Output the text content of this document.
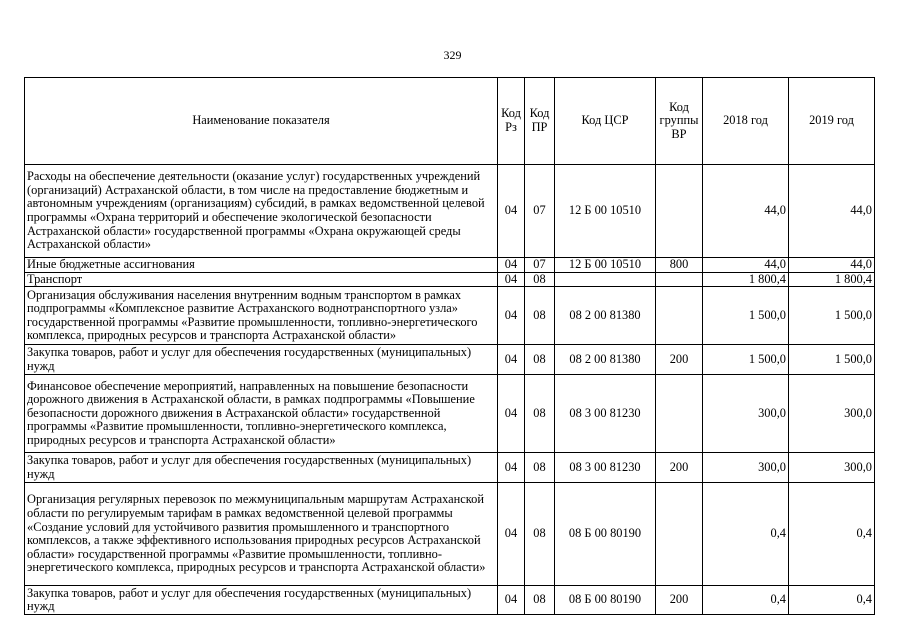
329
Наименование показателя	Код Рз	Код ПР	Код ЦСР	Код группы ВР	2018 год	2019 год
Расходы на обеспечение деятельности (оказание услуг) государственных учреждений (организаций) Астраханской области, в том числе на предоставление бюджетным и автономным учреждениям (организациям) субсидий, в рамках ведомственной целевой программы «Охрана территорий и обеспечение экологической безопасности Астраханской области» государственной программы «Охрана окружающей среды Астраханской области»	04	07	12 Б 00 10510		44,0	44,0
Иные бюджетные ассигнования	04	07	12 Б 00 10510	800	44,0	44,0
Транспорт	04	08			1 800,4	1 800,4
Организация обслуживания населения внутренним водным транспортом в рамках подпрограммы «Комплексное развитие Астраханского воднотранспортного узла» государственной программы «Развитие промышленности, топливно-энергетического комплекса, природных ресурсов и транспорта Астраханской области»	04	08	08 2 00 81380		1 500,0	1 500,0
Закупка товаров, работ и услуг для обеспечения государственных (муниципальных) нужд	04	08	08 2 00 81380	200	1 500,0	1 500,0
Финансовое обеспечение мероприятий, направленных на повышение безопасности дорожного движения в Астраханской области, в рамках подпрограммы «Повышение безопасности дорожного движения в Астраханской области» государственной программы «Развитие промышленности, топливно-энергетического комплекса, природных ресурсов и транспорта Астраханской области»	04	08	08 3 00 81230		300,0	300,0
Закупка товаров, работ и услуг для обеспечения государственных (муниципальных) нужд	04	08	08 3 00 81230	200	300,0	300,0
Организация регулярных перевозок по межмуниципальным маршрутам Астраханской области по регулируемым тарифам в рамках ведомственной целевой программы «Создание условий для устойчивого развития промышленного и транспортного комплексов, а также эффективного использования природных ресурсов Астраханской области» государственной программы «Развитие промышленности, топливно-энергетического комплекса, природных ресурсов и транспорта Астраханской области»	04	08	08 Б 00 80190		0,4	0,4
Закупка товаров, работ и услуг для обеспечения государственных (муниципальных) нужд	04	08	08 Б 00 80190	200	0,4	0,4
